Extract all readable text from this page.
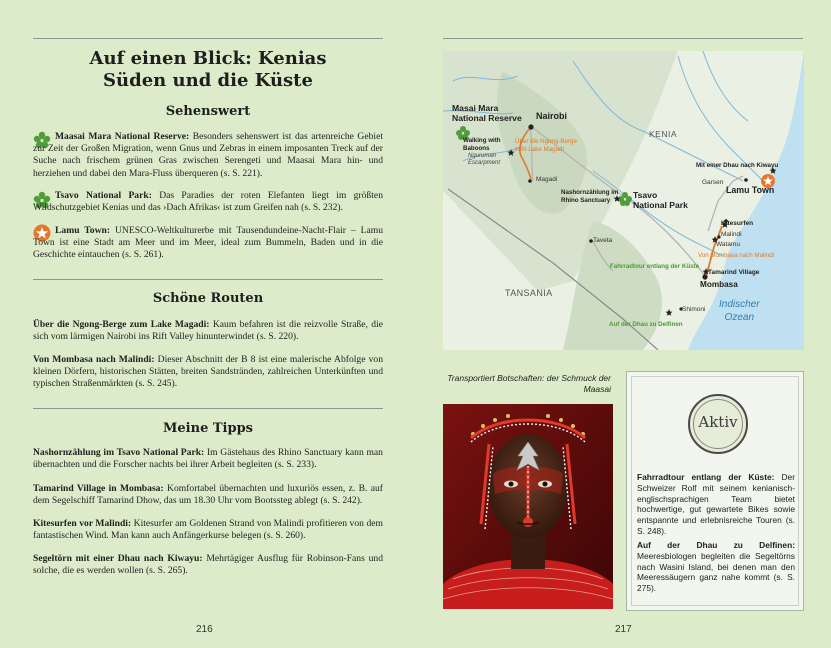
Auf einen Blick: Kenias
Süden und die Küste
Sehenswert
Maasai Mara National Reserve: Besonders sehenswert ist das artenreiche Gebiet zur Zeit der Großen Migration, wenn Gnus und Zebras in einem imposanten Treck auf der Suche nach frischem grünen Gras zwischen Serengeti und Maasai Mara hin- und herziehen und dabei den Mara-Fluss überqueren (s. S. 221).
Tsavo National Park: Das Paradies der roten Elefanten liegt im größten Wildschutzgebiet Kenias und das ›Dach Afrikas‹ ist zum Greifen nah (s. S. 232).
Lamu Town: UNESCO-Weltkulturerbe mit Tausendundeine-Nacht-Flair – Lamu Town ist eine Stadt am Meer und im Meer, ideal zum Bummeln, Baden und in die Geschichte eintauchen (s. S. 261).
Schöne Routen
Über die Ngong-Berge zum Lake Magadi: Kaum befahren ist die reizvolle Straße, die sich vom lärmigen Nairobi ins Rift Valley hinunterwindet (s. S. 220).
Von Mombasa nach Malindi: Dieser Abschnitt der B 8 ist eine malerische Abfolge von kleinen Dörfern, historischen Stätten, breiten Sandstränden, zahlreichen Unterkünften und typischen Straßenmärkten (s. S. 245).
Meine Tipps
Nashornzählung im Tsavo National Park: Im Gästehaus des Rhino Sanctuary kann man übernachten und die Forscher nachts bei ihrer Arbeit begleiten (s. S. 233).
Tamarind Village in Mombasa: Komfortabel übernachten und luxuriös essen, z. B. auf dem Segelschiff Tamarind Dhow, das um 18.30 Uhr vom Bootssteg ablegt (s. S. 242).
Kitesurfen vor Malindi: Kitesurfer am Goldenen Strand von Malindi profitieren von dem fantastischen Wind. Man kann auch Anfängerkurse belegen (s. S. 260).
Segeltörn mit einer Dhau nach Kiwayu: Mehrtägiger Ausflug für Robinson-Fans und solche, die es werden wollen (s. S. 265).
216
Masai Mara
National Reserve Nairobi
KENIA
Walking with
Baboons
Nguruman
Escarpment
Über die Ngong-Berge
zum Lake Magadi
Magadi
Mit einer Dhau nach Kiwayu
Garsen
Lamu Town
Nashornzählung im
Rhino Sanctuary	Tsavo
National Park
Kitesurfen
Malindi
Watamu
Taveta
Von Mombasa nach Malindi
Fahrradtour entlang der Küste
Tamarind Village
Mombasa
TANSANIA
Shimoni
Auf der Dhau zu Delfinen
Indischer
Ozean
Transportiert Botschaften: der Schmuck der Maasai
Aktiv
Fahrradtour entlang der Küste: Der Schweizer Rolf mit seinem kenianisch-englischsprachigen Team bietet hochwertige, gut gewartete Bikes sowie entspannte und erlebnisreiche Touren (s. S. 248).
Auf der Dhau zu Delfinen: Meeresbiologen begleiten die Segeltörns nach Wasini Island, bei denen man den Meeressäugern ganz nahe kommt (s. S. 275).
217
